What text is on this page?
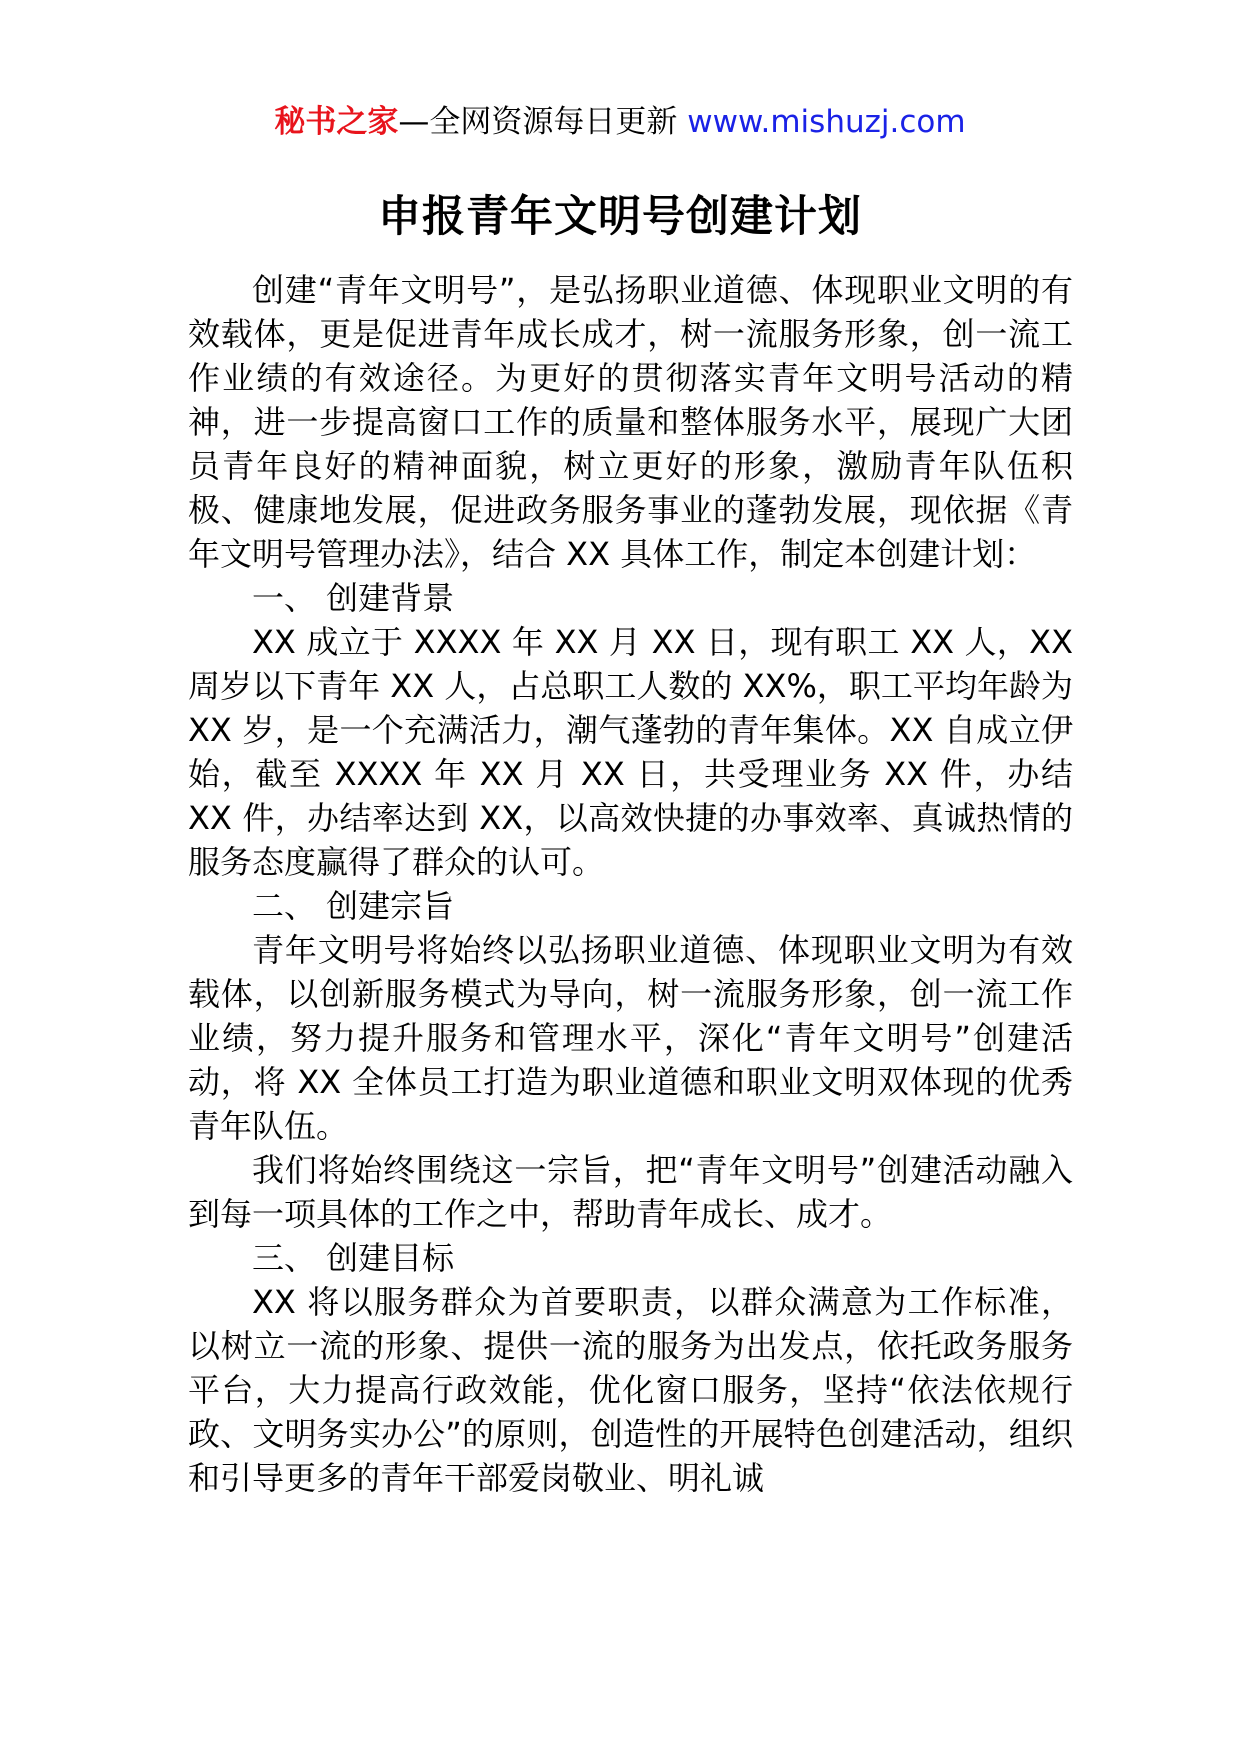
秘书之家—全网资源每日更新 www.mishuzj.com
申报青年文明号创建计划

创建“青年文明号”，是弘扬职业道德、体现职业文明的有效载体，更是促进青年成长成才，树一流服务形象，创一流工作业绩的有效途径。为更好的贯彻落实青年文明号活动的精神，进一步提高窗口工作的质量和整体服务水平，展现广大团员青年良好的精神面貌，树立更好的形象，激励青年队伍积极、健康地发展，促进政务服务事业的蓬勃发展，现依据《青年文明号管理办法》，结合 XX 具体工作，制定本创建计划：

一、 创建背景

XX 成立于 XXXX 年 XX 月 XX 日，现有职工 XX 人，XX 周岁以下青年 XX 人，占总职工人数的 XX%，职工平均年龄为 XX 岁，是一个充满活力，潮气蓬勃的青年集体。XX 自成立伊始，截至 XXXX 年 XX 月 XX 日，共受理业务 XX 件，办结 XX 件，办结率达到 XX，以高效快捷的办事效率、真诚热情的服务态度赢得了群众的认可。

二、 创建宗旨

青年文明号将始终以弘扬职业道德、体现职业文明为有效载体，以创新服务模式为导向，树一流服务形象，创一流工作业绩，努力提升服务和管理水平，深化“青年文明号”创建活动，将 XX 全体员工打造为职业道德和职业文明双体现的优秀青年队伍。

我们将始终围绕这一宗旨，把“青年文明号”创建活动融入到每一项具体的工作之中，帮助青年成长、成才。

三、 创建目标

XX 将以服务群众为首要职责，以群众满意为工作标准，以树立一流的形象、提供一流的服务为出发点，依托政务服务平台，大力提高行政效能，优化窗口服务，坚持“依法依规行政、文明务实办公”的原则，创造性的开展特色创建活动，组织和引导更多的青年干部爱岗敬业、明礼诚
